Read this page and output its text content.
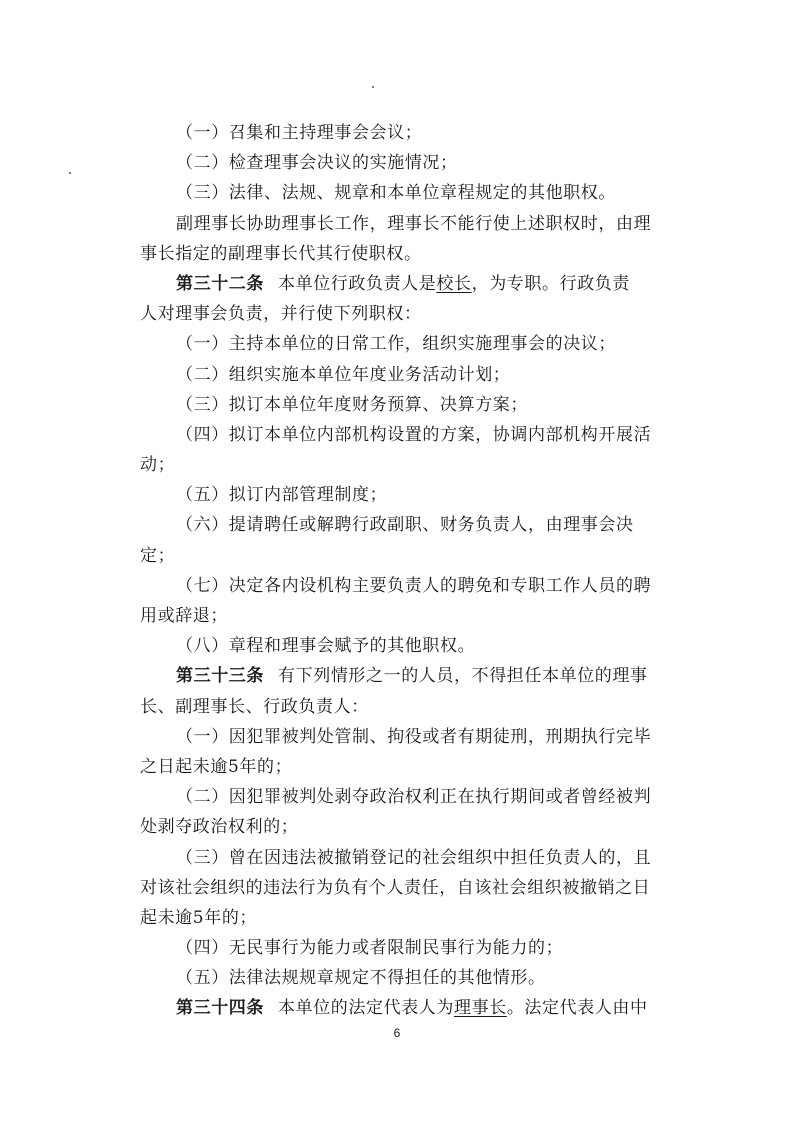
（一）召集和主持理事会会议；
（二）检查理事会决议的实施情况；
（三）法律、法规、规章和本单位章程规定的其他职权。
副理事长协助理事长工作，理事长不能行使上述职权时，由理
事长指定的副理事长代其行使职权。
第三十二条 本单位行政负责人是校长，为专职。行政负责
人对理事会负责，并行使下列职权：
（一）主持本单位的日常工作，组织实施理事会的决议；
（二）组织实施本单位年度业务活动计划；
（三）拟订本单位年度财务预算、决算方案；
（四）拟订本单位内部机构设置的方案，协调内部机构开展活
动；
（五）拟订内部管理制度；
（六）提请聘任或解聘行政副职、财务负责人，由理事会决
定；
（七）决定各内设机构主要负责人的聘免和专职工作人员的聘
用或辞退；
（八）章程和理事会赋予的其他职权。
第三十三条 有下列情形之一的人员，不得担任本单位的理事
长、副理事长、行政负责人：
（一）因犯罪被判处管制、拘役或者有期徒刑，刑期执行完毕
之日起未逾5年的；
（二）因犯罪被判处剥夺政治权利正在执行期间或者曾经被判
处剥夺政治权利的；
（三）曾在因违法被撤销登记的社会组织中担任负责人的，且
对该社会组织的违法行为负有个人责任，自该社会组织被撤销之日
起未逾5年的；
（四）无民事行为能力或者限制民事行为能力的；
（五）法律法规规章规定不得担任的其他情形。
第三十四条 本单位的法定代表人为理事长。法定代表人由中
6
